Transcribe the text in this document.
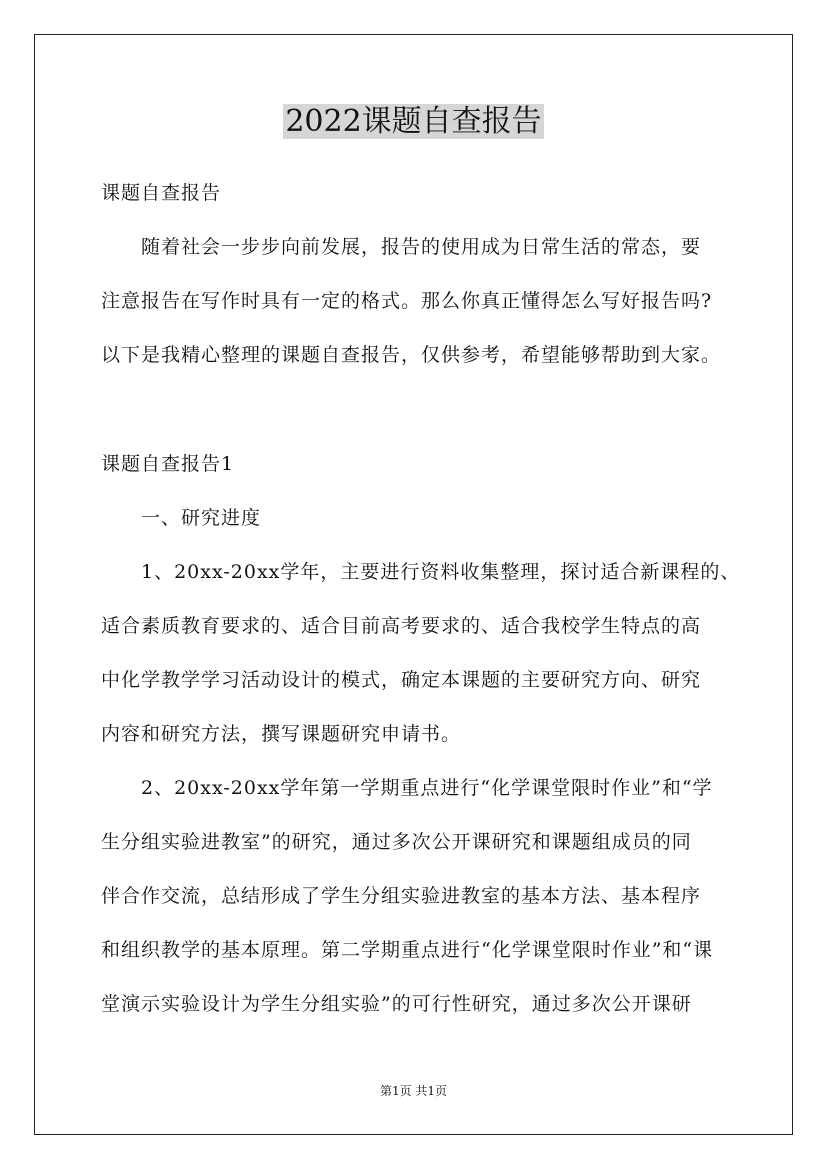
2022课题自查报告
课题自查报告
随着社会一步步向前发展，报告的使用成为日常生活的常态，要
注意报告在写作时具有一定的格式。那么你真正懂得怎么写好报告吗?
以下是我精心整理的课题自查报告，仅供参考，希望能够帮助到大家。
课题自查报告1
一、研究进度
1、20xx-20xx学年，主要进行资料收集整理，探讨适合新课程的、
适合素质教育要求的、适合目前高考要求的、适合我校学生特点的高
中化学教学学习活动设计的模式，确定本课题的主要研究方向、研究
内容和研究方法，撰写课题研究申请书。
2、20xx-20xx学年第一学期重点进行“化学课堂限时作业”和“学
生分组实验进教室”的研究，通过多次公开课研究和课题组成员的同
伴合作交流，总结形成了学生分组实验进教室的基本方法、基本程序
和组织教学的基本原理。第二学期重点进行“化学课堂限时作业”和“课
堂演示实验设计为学生分组实验”的可行性研究，通过多次公开课研
第1页 共1页
